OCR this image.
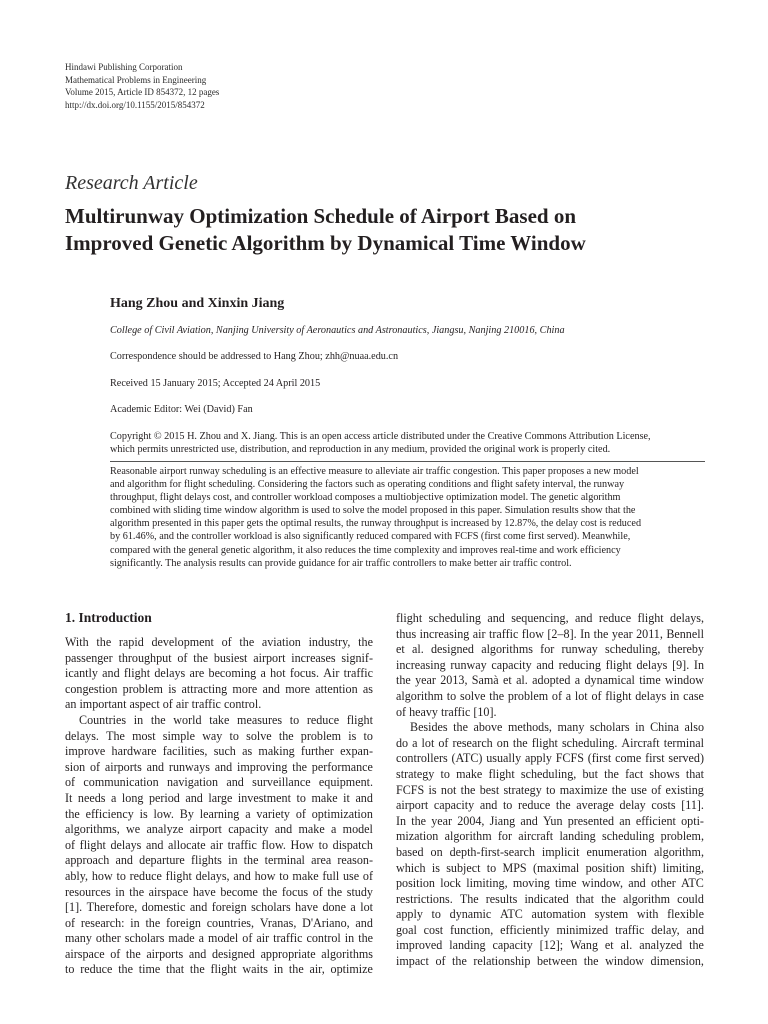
Hindawi Publishing Corporation
Mathematical Problems in Engineering
Volume 2015, Article ID 854372, 12 pages
http://dx.doi.org/10.1155/2015/854372
Research Article
Multirunway Optimization Schedule of Airport Based on
Improved Genetic Algorithm by Dynamical Time Window
Hang Zhou and Xinxin Jiang
College of Civil Aviation, Nanjing University of Aeronautics and Astronautics, Jiangsu, Nanjing 210016, China
Correspondence should be addressed to Hang Zhou; zhh@nuaa.edu.cn
Received 15 January 2015; Accepted 24 April 2015
Academic Editor: Wei (David) Fan
Copyright © 2015 H. Zhou and X. Jiang. This is an open access article distributed under the Creative Commons Attribution License,
which permits unrestricted use, distribution, and reproduction in any medium, provided the original work is properly cited.
Reasonable airport runway scheduling is an effective measure to alleviate air traffic congestion. This paper proposes a new model
and algorithm for flight scheduling. Considering the factors such as operating conditions and flight safety interval, the runway
throughput, flight delays cost, and controller workload composes a multiobjective optimization model. The genetic algorithm
combined with sliding time window algorithm is used to solve the model proposed in this paper. Simulation results show that the
algorithm presented in this paper gets the optimal results, the runway throughput is increased by 12.87%, the delay cost is reduced
by 61.46%, and the controller workload is also significantly reduced compared with FCFS (first come first served). Meanwhile,
compared with the general genetic algorithm, it also reduces the time complexity and improves real-time and work efficiency
significantly. The analysis results can provide guidance for air traffic controllers to make better air traffic control.
1. Introduction
With the rapid development of the aviation industry, the
passenger throughput of the busiest airport increases signif-
icantly and flight delays are becoming a hot focus. Air traffic
congestion problem is attracting more and more attention as
an important aspect of air traffic control.
Countries in the world take measures to reduce flight
delays. The most simple way to solve the problem is to
improve hardware facilities, such as making further expan-
sion of airports and runways and improving the performance
of communication navigation and surveillance equipment.
It needs a long period and large investment to make it and
the efficiency is low. By learning a variety of optimization
algorithms, we analyze airport capacity and make a model
of flight delays and allocate air traffic flow. How to dispatch
approach and departure flights in the terminal area reason-
ably, how to reduce flight delays, and how to make full use of
resources in the airspace have become the focus of the study
[1]. Therefore, domestic and foreign scholars have done a lot
of research: in the foreign countries, Vranas, D'Ariano, and
many other scholars made a model of air traffic control in the
airspace of the airports and designed appropriate algorithms
to reduce the time that the flight waits in the air, optimize
flight scheduling and sequencing, and reduce flight delays,
thus increasing air traffic flow [2–8]. In the year 2011, Bennell
et al. designed algorithms for runway scheduling, thereby
increasing runway capacity and reducing flight delays [9]. In
the year 2013, Samà et al. adopted a dynamical time window
algorithm to solve the problem of a lot of flight delays in case
of heavy traffic [10].
Besides the above methods, many scholars in China also
do a lot of research on the flight scheduling. Aircraft terminal
controllers (ATC) usually apply FCFS (first come first served)
strategy to make flight scheduling, but the fact shows that
FCFS is not the best strategy to maximize the use of existing
airport capacity and to reduce the average delay costs [11].
In the year 2004, Jiang and Yun presented an efficient opti-
mization algorithm for aircraft landing scheduling problem,
based on depth-first-search implicit enumeration algorithm,
which is subject to MPS (maximal position shift) limiting,
position lock limiting, moving time window, and other ATC
restrictions. The results indicated that the algorithm could
apply to dynamic ATC automation system with flexible
goal cost function, efficiently minimized traffic delay, and
improved landing capacity [12]; Wang et al. analyzed the
impact of the relationship between the window dimension,
